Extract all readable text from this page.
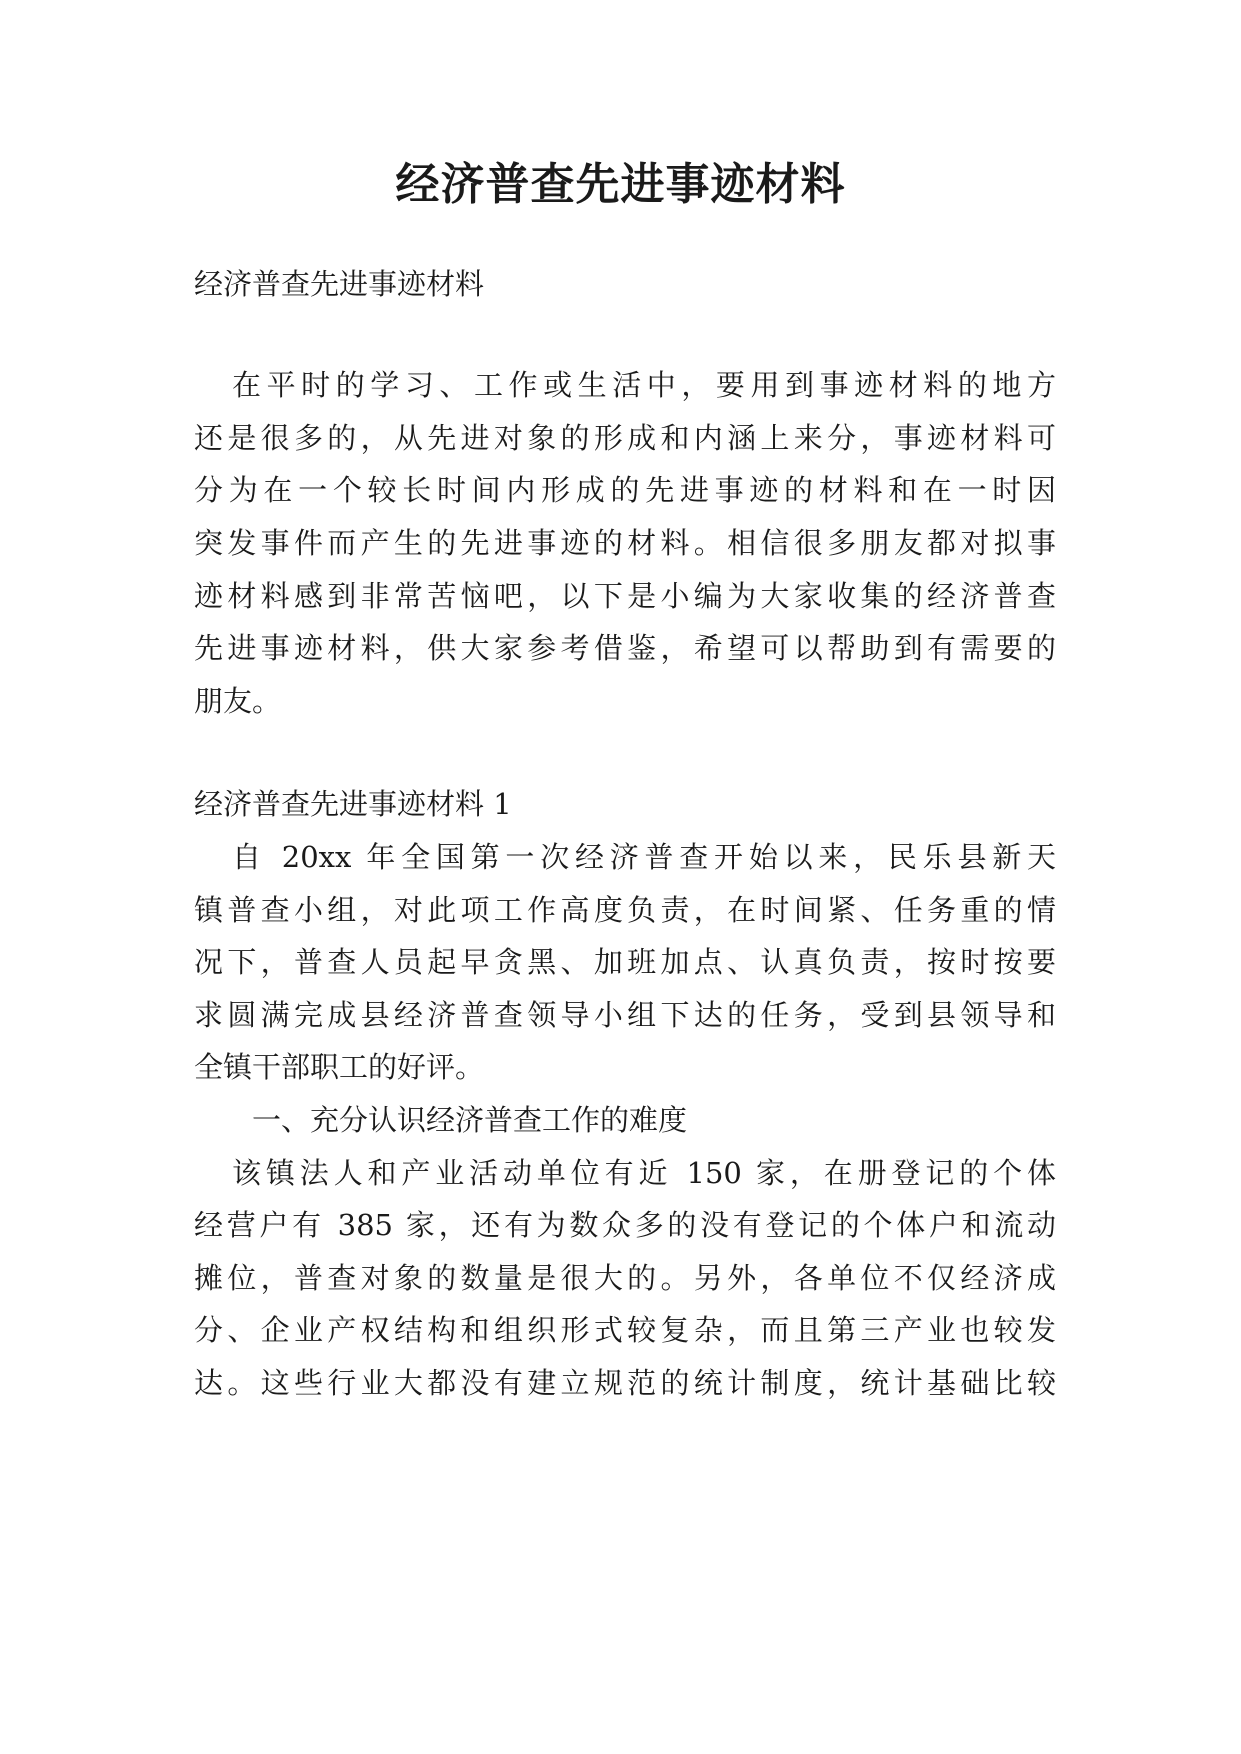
经济普查先进事迹材料
经济普查先进事迹材料
在平时的学习、工作或生活中，要用到事迹材料的地方
还是很多的，从先进对象的形成和内涵上来分，事迹材料可
分为在一个较长时间内形成的先进事迹的材料和在一时因
突发事件而产生的先进事迹的材料。相信很多朋友都对拟事
迹材料感到非常苦恼吧，以下是小编为大家收集的经济普查
先进事迹材料，供大家参考借鉴，希望可以帮助到有需要的
朋友。
经济普查先进事迹材料 1
自 20xx 年全国第一次经济普查开始以来，民乐县新天
镇普查小组，对此项工作高度负责，在时间紧、任务重的情
况下，普查人员起早贪黑、加班加点、认真负责，按时按要
求圆满完成县经济普查领导小组下达的任务，受到县领导和
全镇干部职工的好评。
一、充分认识经济普查工作的难度
该镇法人和产业活动单位有近 150 家，在册登记的个体
经营户有 385 家，还有为数众多的没有登记的个体户和流动
摊位，普查对象的数量是很大的。另外，各单位不仅经济成
分、企业产权结构和组织形式较复杂，而且第三产业也较发
达。这些行业大都没有建立规范的统计制度，统计基础比较
